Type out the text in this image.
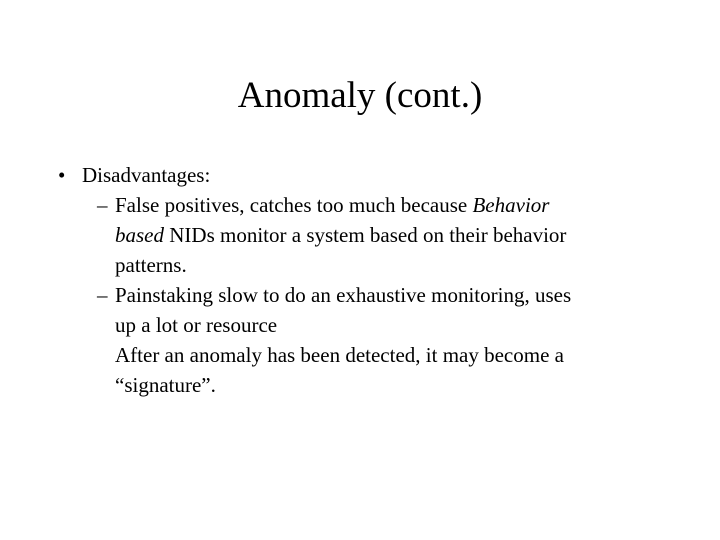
Anomaly (cont.)
• Disadvantages:
– False positives, catches too much because Behavior
based NIDs monitor a system based on their behavior
patterns.
– Painstaking slow to do an exhaustive monitoring, uses
up a lot or resource
After an anomaly has been detected, it may become a
“signature”.
